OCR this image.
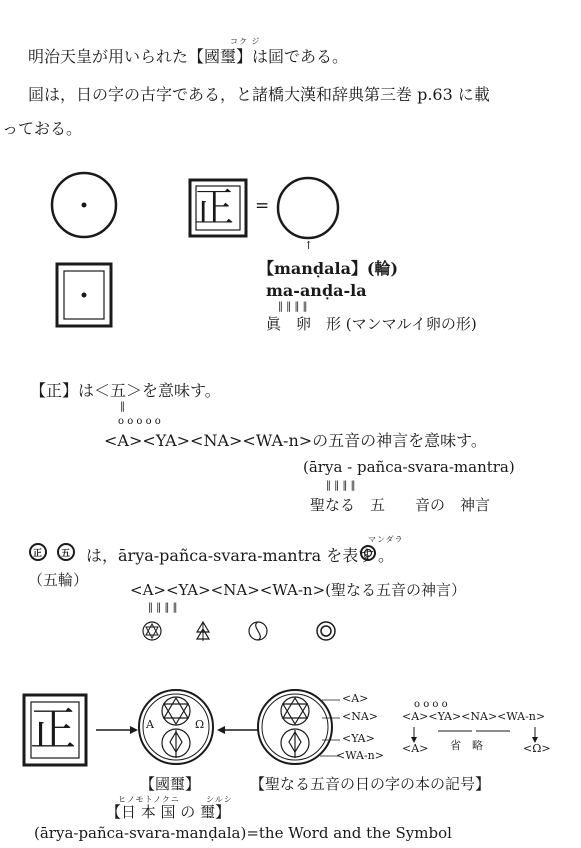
コク ジ
明治天皇が用いられた【國璽】は囸である。
囸は，日の字の古字である，と諸橋大漢和辞典第三巻 p.63 に載
っておる。
正 =
↑
【manḍala】(輪)
ma-anḍa-la
‖ ‖ ‖ ‖
眞　卵　形 (マンマルイ卵の形)
【正】は＜五＞を意味す。
‖
o o o o o
<A><YA><NA><WA-n>の五音の神言を意味す。
(ārya - pañca-svara-mantra)
‖ ‖ ‖ ‖
聖なる　五　　音の　神言
正 五 は，ārya-pañca-svara-mantra を表す
マンダラ
。
（五輪）
<A><YA><NA><WA-n>(聖なる五音の神言）
‖ ‖ ‖ ‖
正	A	Ω
<A>
<NA>
<YA>
<WA-n>
o o o o
<A><YA><NA><WA-n>
<A> 省　略	<Ω>
【國璽】	【聖なる五音の日の字の本の記号】
ヒノモトノクニ	シルシ
【日 本 国 の 璽】
(ārya-pañca-svara-manḍala)=the Word and the Symbol
